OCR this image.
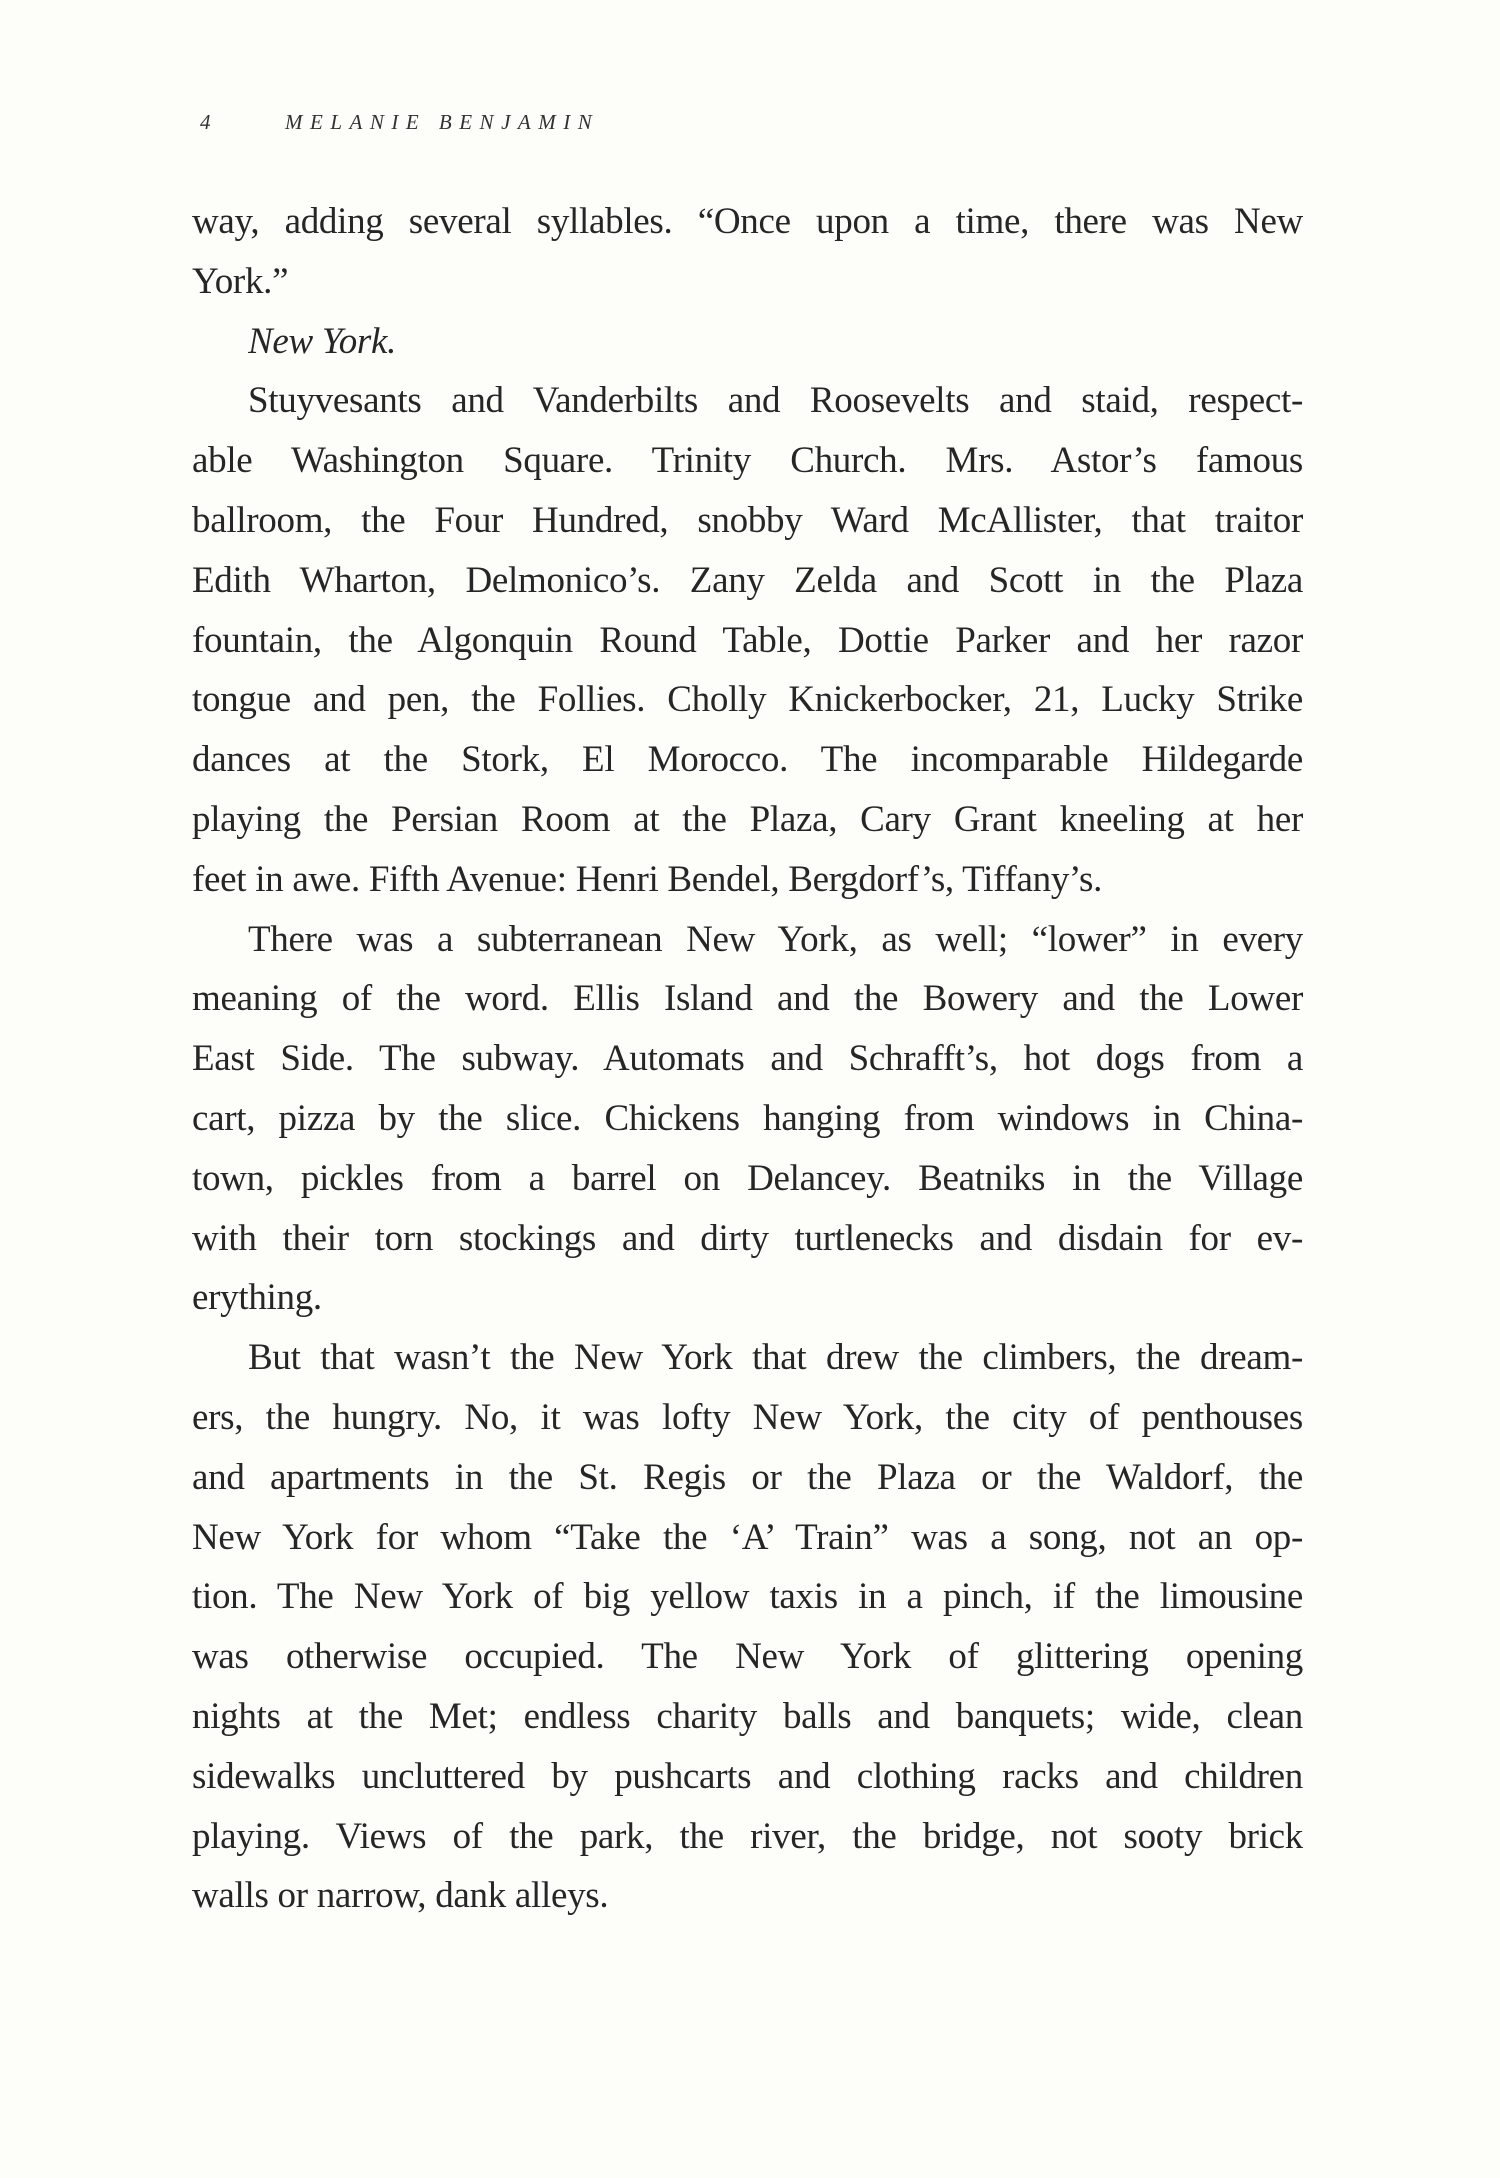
4	MELANIE BENJAMIN
way, adding several syllables. “Once upon a time, there was New
York.”
New York.
Stuyvesants and Vanderbilts and Roosevelts and staid, respect-
able Washington Square. Trinity Church. Mrs. Astor’s famous
ballroom, the Four Hundred, snobby Ward McAllister, that traitor
Edith Wharton, Delmonico’s. Zany Zelda and Scott in the Plaza
fountain, the Algonquin Round Table, Dottie Parker and her razor
tongue and pen, the Follies. Cholly Knickerbocker, 21, Lucky Strike
dances at the Stork, El Morocco. The incomparable Hildegarde
playing the Persian Room at the Plaza, Cary Grant kneeling at her
feet in awe. Fifth Avenue: Henri Bendel, Bergdorf’s, Tiffany’s.
There was a subterranean New York, as well; “lower” in every
meaning of the word. Ellis Island and the Bowery and the Lower
East Side. The subway. Automats and Schrafft’s, hot dogs from a
cart, pizza by the slice. Chickens hanging from windows in China-
town, pickles from a barrel on Delancey. Beatniks in the Village
with their torn stockings and dirty turtlenecks and disdain for ev-
erything.
But that wasn’t the New York that drew the climbers, the dream-
ers, the hungry. No, it was lofty New York, the city of penthouses
and apartments in the St. Regis or the Plaza or the Waldorf, the
New York for whom “Take the ‘A’ Train” was a song, not an op-
tion. The New York of big yellow taxis in a pinch, if the limousine
was otherwise occupied. The New York of glittering opening
nights at the Met; endless charity balls and banquets; wide, clean
sidewalks uncluttered by pushcarts and clothing racks and children
playing. Views of the park, the river, the bridge, not sooty brick
walls or narrow, dank alleys.
